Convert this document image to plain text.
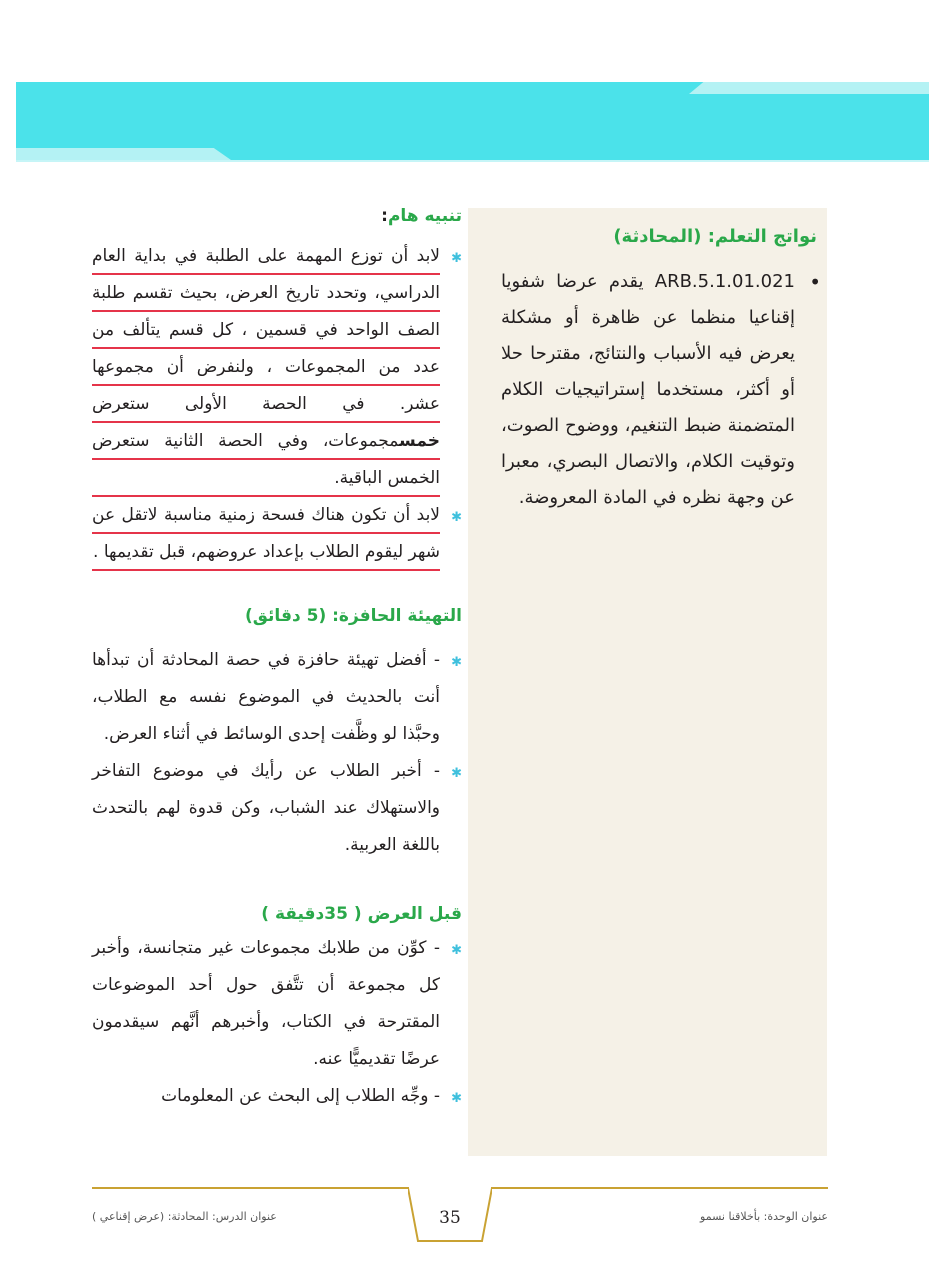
نواتج التعلم: (المحادثة)
•
ARB.5.1.01.021 يقدم عرضا شفويا إقناعيا منظما عن ظاهرة أو مشكلة يعرض فيه الأسباب والنتائج، مقترحا حلا أو أكثر، مستخدما إستراتيجيات الكلام المتضمنة ضبط التنغيم، ووضوح الصوت، وتوقيت الكلام، والاتصال البصري، معبرا عن وجهة نظره في المادة المعروضة.
تنبيه هام:
✱
لابد أن توزع المهمة على الطلبة في بداية العام الدراسي، وتحدد تاريخ العرض، بحيث تقسم طلبة الصف الواحد في قسمين ، كل قسم يتألف من عدد من المجموعات ، ولنفرض أن مجموعها عشر. في الحصة الأولى ستعرض خمسمجموعات، وفي الحصة الثانية ستعرض الخمس الباقية.
✱
لابد أن تكون هناك فسحة زمنية مناسبة لاتقل عن شهر ليقوم الطلاب بإعداد عروضهم، قبل تقديمها .
التهيئة الحافزة: (5 دقائق)
✱
- أفضل تهيئة حافزة في حصة المحادثة أن تبدأها أنت بالحديث في الموضوع نفسه مع الطلاب، وحبَّذا لو وظَّفت إحدى الوسائط في أثناء العرض.
✱
- أخبر الطلاب عن رأيك في موضوع التفاخر والاستهلاك عند الشباب، وكن قدوة لهم بالتحدث باللغة العربية.
قبل العرض ( 35دقيقة )
✱
- كوِّن من طلابك مجموعات غير متجانسة، وأخبر كل مجموعة أن تتَّفق حول أحد الموضوعات المقترحة في الكتاب، وأخبرهم أنَّهم سيقدمون عرضًا تقديميًّا عنه.
✱
- وجِّه الطلاب إلى البحث عن المعلومات
35	عنوان الوحدة: بأخلاقنا نسمو
عنوان الدرس: المحادثة: (عرض إقناعي )
